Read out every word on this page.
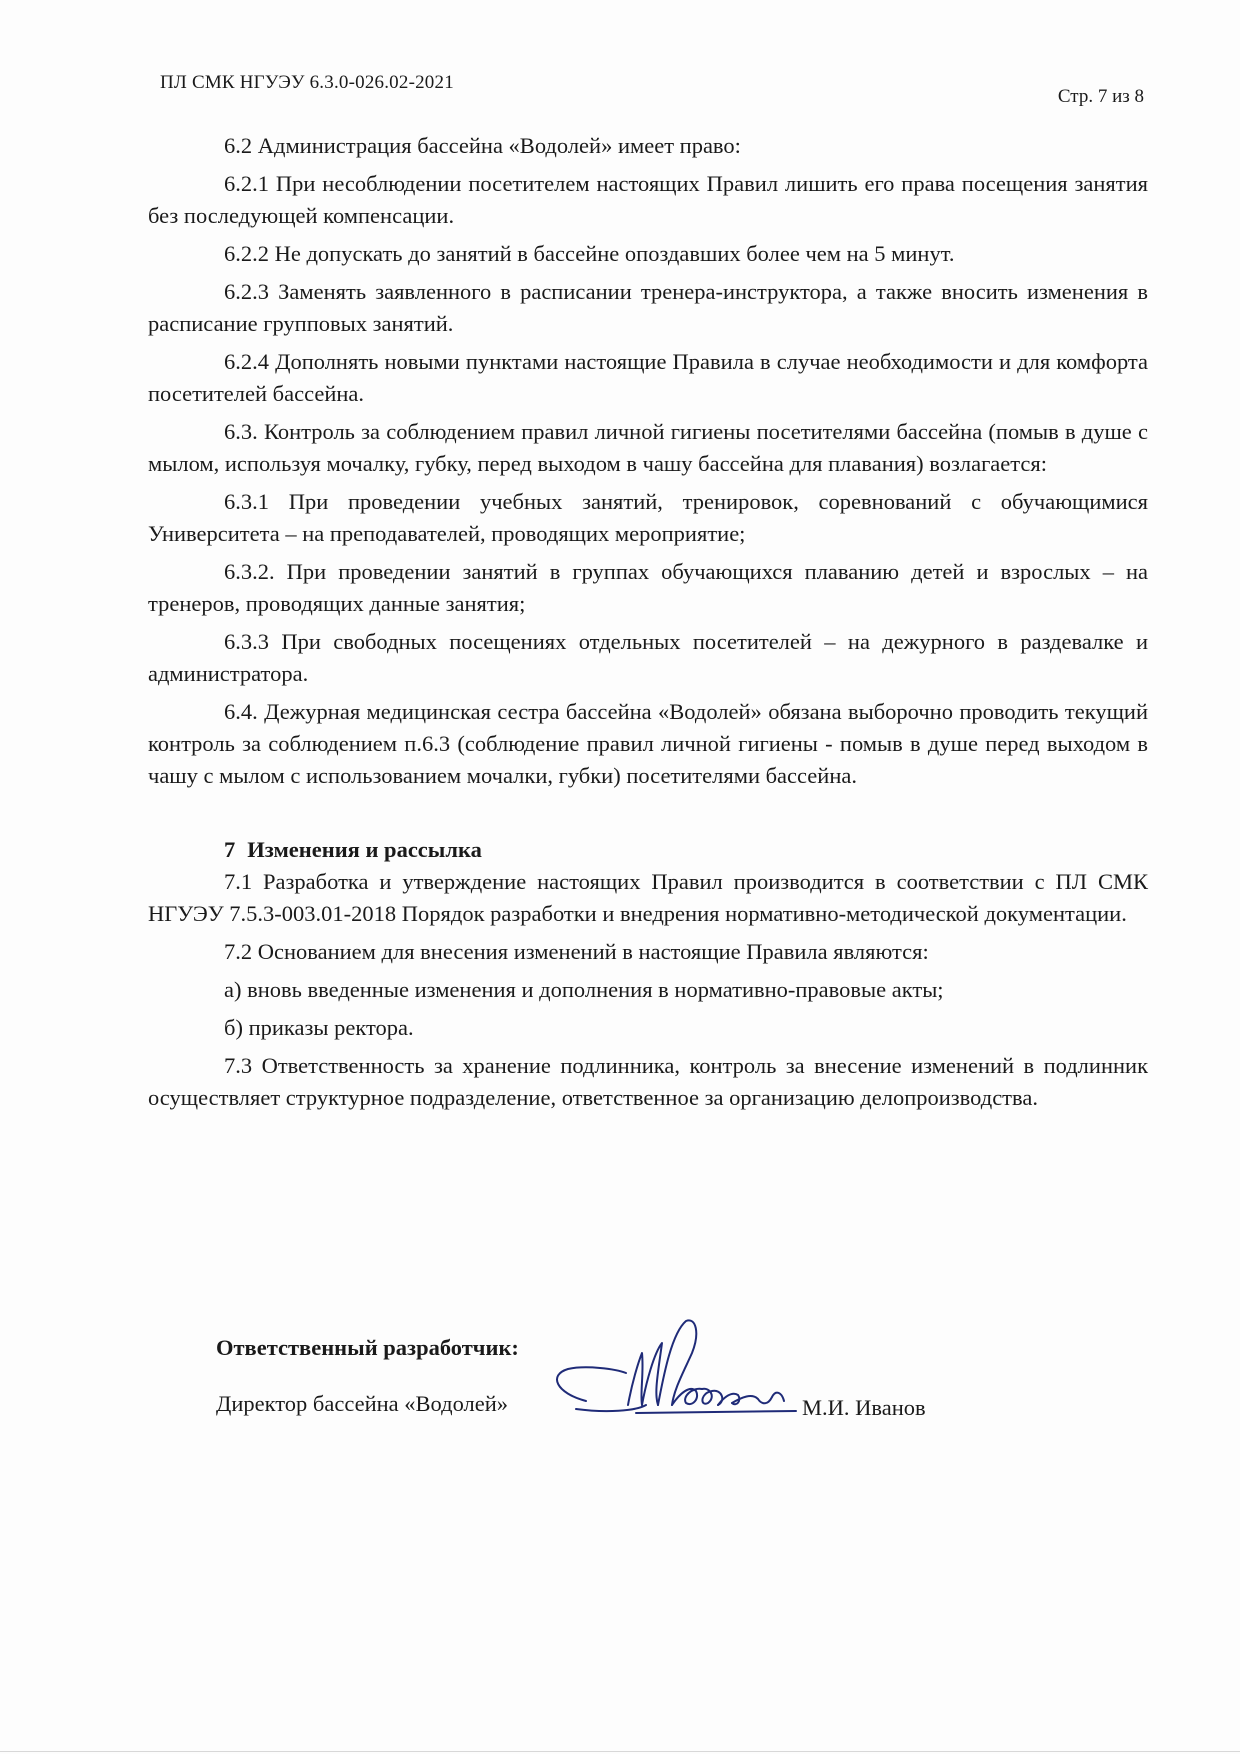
ПЛ СМК НГУЭУ 6.3.0-026.02-2021
Стр. 7 из 8

6.2 Администрация бассейна «Водолей» имеет право:

6.2.1 При несоблюдении посетителем настоящих Правил лишить его права посещения занятия без последующей компенсации.

6.2.2 Не допускать до занятий в бассейне опоздавших более чем на 5 минут.

6.2.3 Заменять заявленного в расписании тренера-инструктора, а также вносить изменения в расписание групповых занятий.

6.2.4 Дополнять новыми пунктами настоящие Правила в случае необходимости и для комфорта посетителей бассейна.

6.3. Контроль за соблюдением правил личной гигиены посетителями бассейна (помыв в душе с мылом, используя мочалку, губку, перед выходом в чашу бассейна для плавания) возлагается:

6.3.1 При проведении учебных занятий, тренировок, соревнований с обучающимися Университета – на преподавателей, проводящих мероприятие;

6.3.2. При проведении занятий в группах обучающихся плаванию детей и взрослых – на тренеров, проводящих данные занятия;

6.3.3 При свободных посещениях отдельных посетителей – на дежурного в раздевалке и администратора.

6.4. Дежурная медицинская сестра бассейна «Водолей» обязана выборочно проводить текущий контроль за соблюдением п.6.3 (соблюдение правил личной гигиены - помыв в душе перед выходом в чашу с мылом с использованием мочалки, губки) посетителями бассейна.

7 Изменения и рассылка

7.1 Разработка и утверждение настоящих Правил производится в соответствии с ПЛ СМК НГУЭУ 7.5.3-003.01-2018 Порядок разработки и внедрения нормативно-методической документации.

7.2 Основанием для внесения изменений в настоящие Правила являются:

а) вновь введенные изменения и дополнения в нормативно-правовые акты;

б) приказы ректора.

7.3 Ответственность за хранение подлинника, контроль за внесение изменений в подлинник осуществляет структурное подразделение, ответственное за организацию делопроизводства.

Ответственный разработчик:
Директор бассейна «Водолей»	М.И. Иванов
